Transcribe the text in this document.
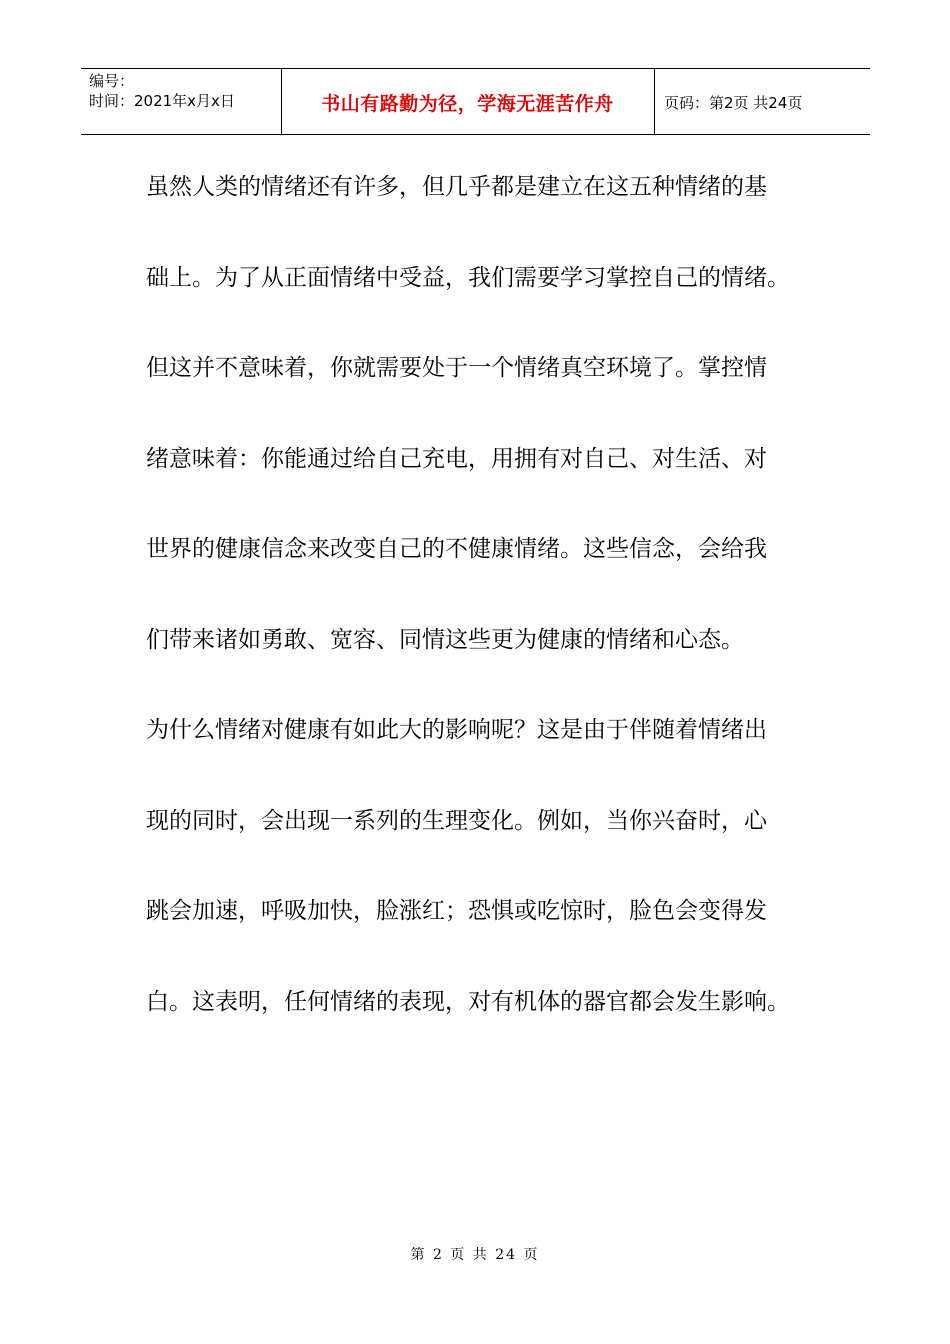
编号：
时间：2021年x月x日	书山有路勤为径，学海无涯苦作舟	页码：第2页 共24页
虽然人类的情绪还有许多，但几乎都是建立在这五种情绪的基
础上。为了从正面情绪中受益，我们需要学习掌控自己的情绪。
但这并不意味着，你就需要处于一个情绪真空环境了。掌控情
绪意味着：你能通过给自己充电，用拥有对自己、对生活、对
世界的健康信念来改变自己的不健康情绪。这些信念，会给我
们带来诸如勇敢、宽容、同情这些更为健康的情绪和心态。
为什么情绪对健康有如此大的影响呢？这是由于伴随着情绪出
现的同时，会出现一系列的生理变化。例如，当你兴奋时，心
跳会加速，呼吸加快，脸涨红；恐惧或吃惊时，脸色会变得发
白。这表明，任何情绪的表现，对有机体的器官都会发生影响。
第 2 页 共 24 页
